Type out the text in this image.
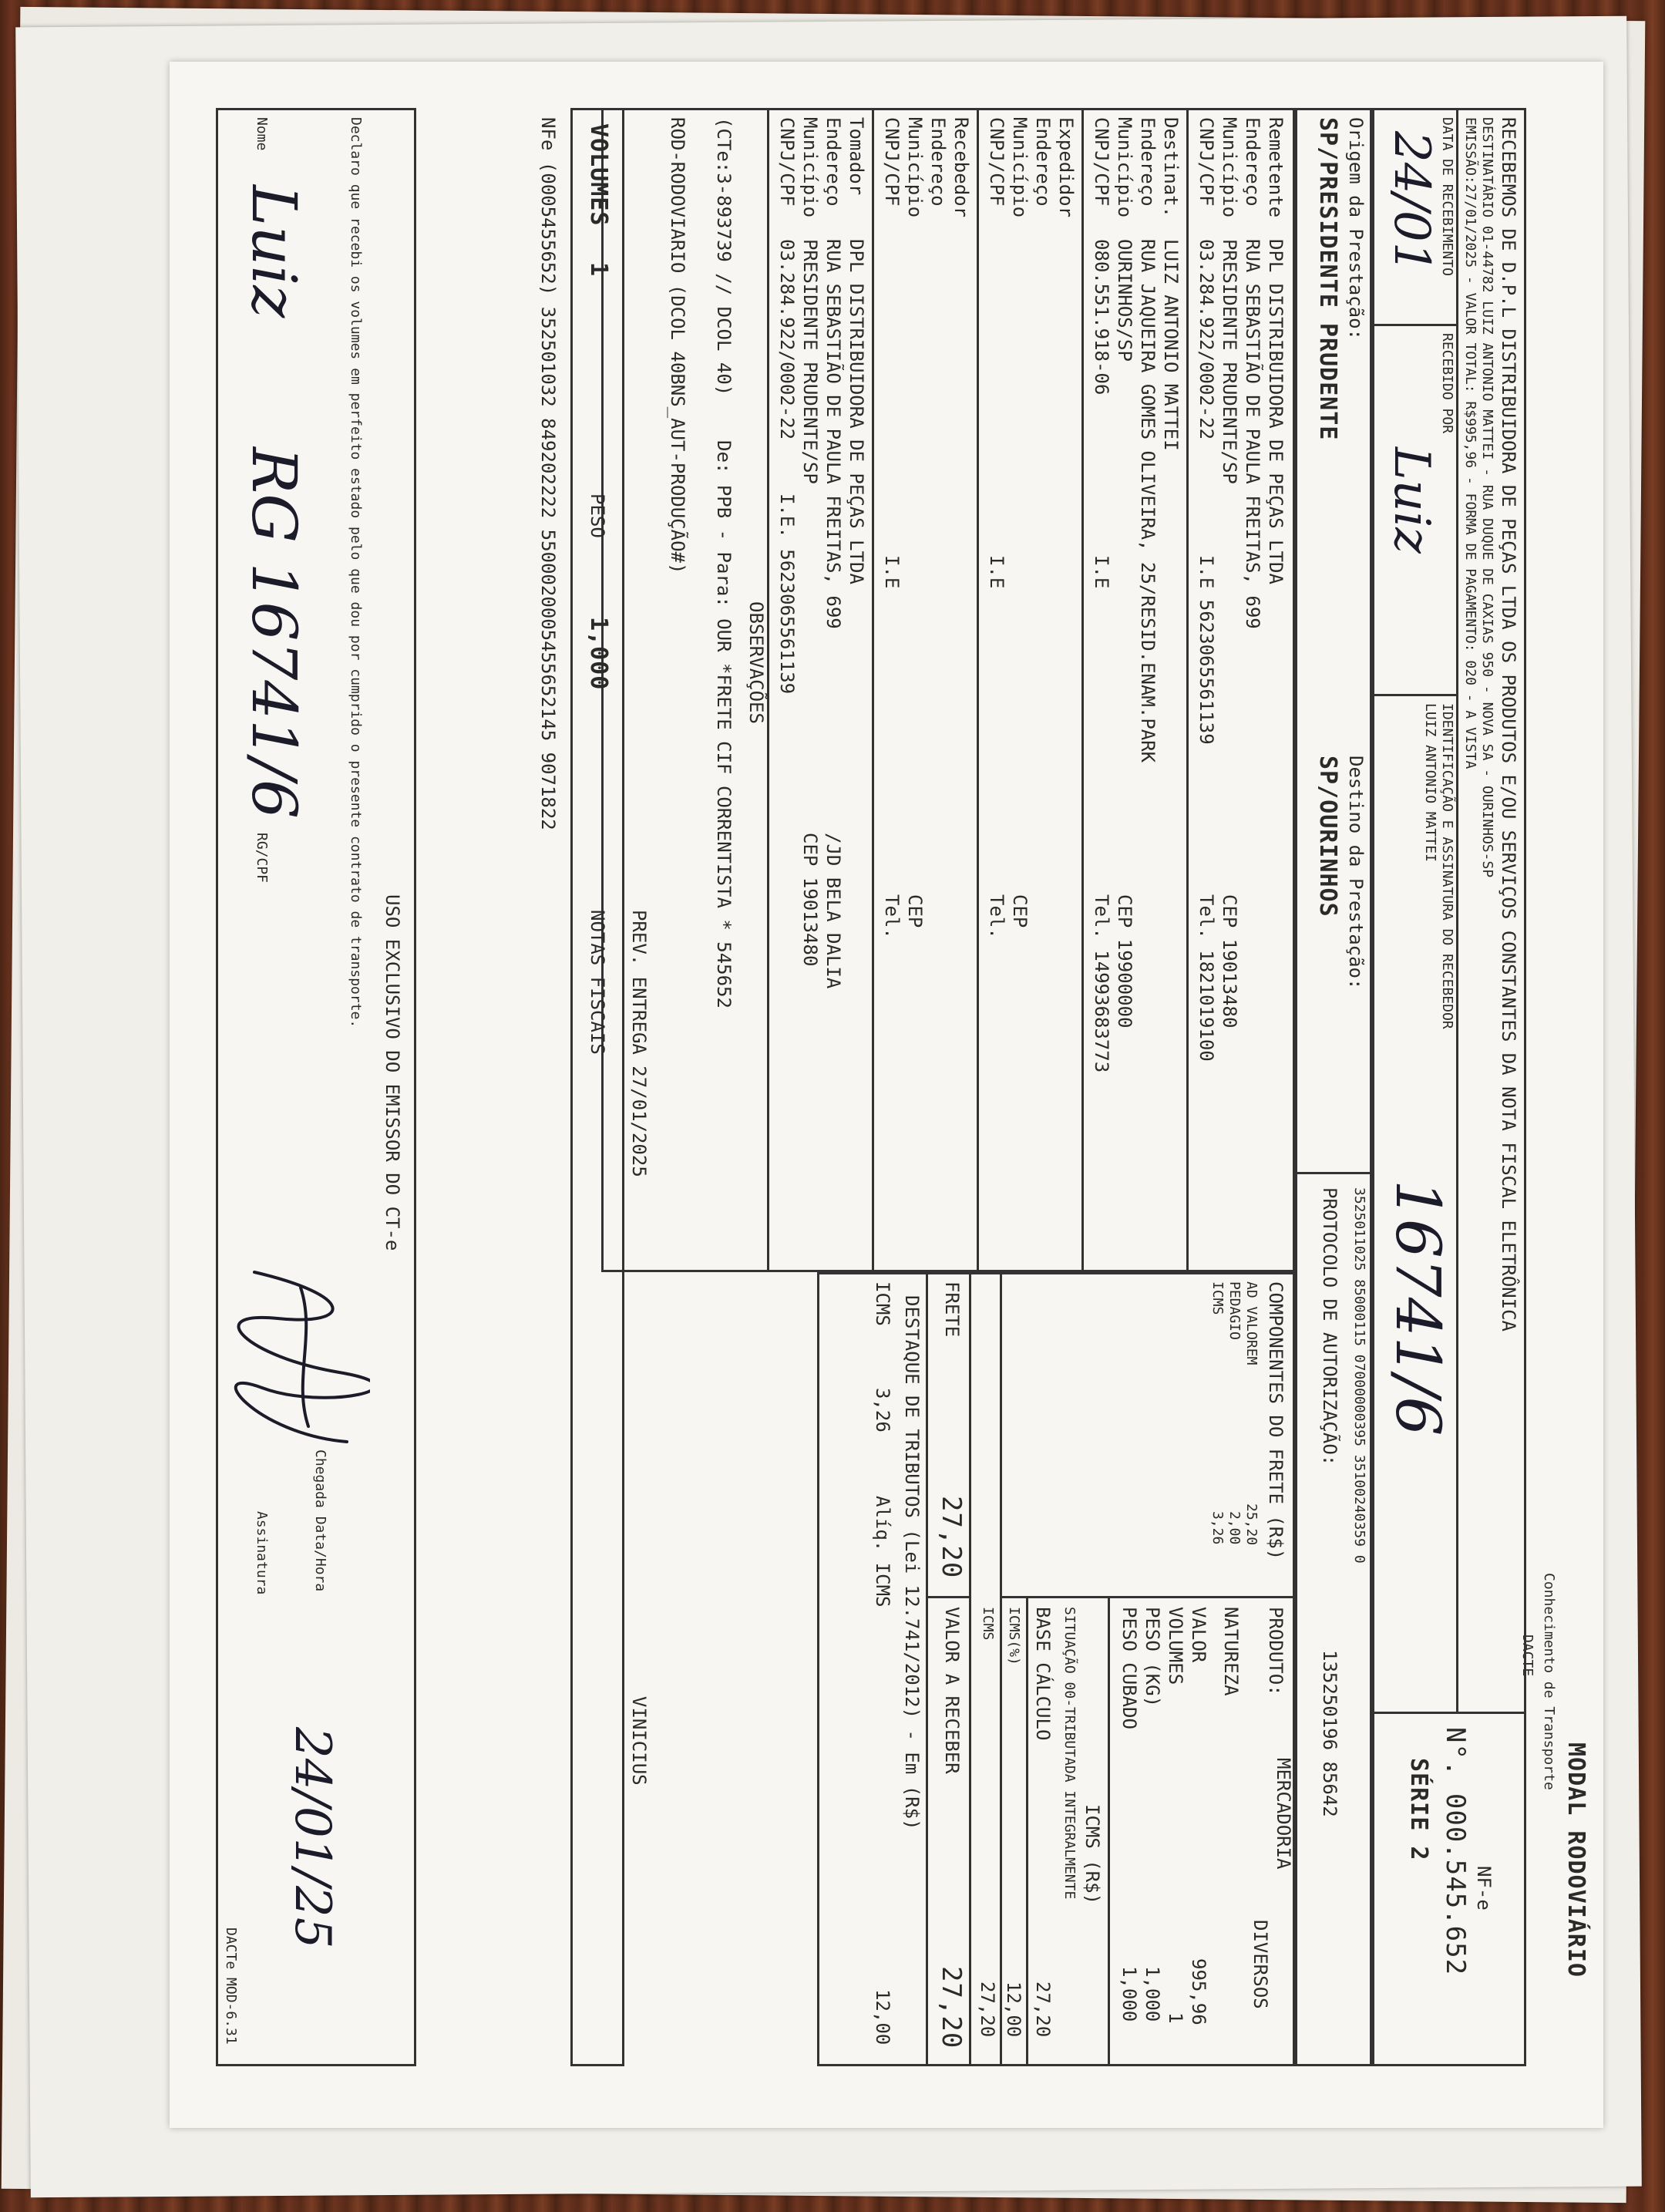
MODAL RODOVIÁRIO
Conhecimento de Transporte
DACTE
RECEBEMOS DE D.P.L DISTRIBUIDORA DE PEÇAS LTDA OS PRODUTOS E/OU SERVIÇOS CONSTANTES DA NOTA FISCAL ELETRÔNICA
DESTINATÁRIO 01-44782 LUIZ ANTONIO MATTEI - RUA DUQUE DE CAXIAS 950 - NOVA SA - OURINHOS-SP
EMISSÃO:27/01/2025 - VALOR TOTAL: R$995,96 - FORMA DE PAGAMENTO: 020 - A VISTA
DATA DE RECEBIMENTO
24/01
RECEBIDO POR
Luiz
IDENTIFICAÇÃO E ASSINATURA DO RECEBEDOR
LUIZ ANTONIO MATTEI
16741/6
NF-e
N°. 000.545.652
SÉRIE 2
Origem da Prestação:
SP/PRESIDENTE PRUDENTE
Destino da Prestação:
SP/OURINHOS
3525011025 85000115 07000000395 35100240359 0
PROTOCOLO DE AUTORIZAÇÃO:
135250196 85642
Remetente
DPL DISTRIBUIDORA DE PEÇAS LTDA
Endereço
RUA SEBASTIÃO DE PAULA FREITAS, 699
Município
PRESIDENTE PRUDENTE/SP
CEP 19013480
CNPJ/CPF
03.284.922/0002-22
I.E 5623065561139
Tel. 1821019100
Destinat.
LUIZ ANTONIO MATTEI
Endereço
RUA JAQUEIRA GOMES OLIVEIRA, 25/RESID.ENAM.PARK
Município
OURINHOS/SP
CEP 19900000
CNPJ/CPF
080.551.918-06
I.E
Tel. 14993683773
Expedidor
Endereço
Município
CEP
CNPJ/CPF
I.E
Tel.
Recebedor
Endereço
Município
CEP
CNPJ/CPF
I.E
Tel.
Tomador
DPL DISTRIBUIDORA DE PEÇAS LTDA
Endereço
RUA SEBASTIÃO DE PAULA FREITAS, 699
/JD BELA DALIA
Município
PRESIDENTE PRUDENTE/SP
CEP 19013480
CNPJ/CPF
03.284.922/0002-22
I.E. 5623065561139
OBSERVAÇÕES
COMPONENTES DO FRETE (R$)
AD VALOREM
25,20
PEDAGIO
2,00
ICMS
3,26
PRODUTO:
MERCADORIA
DIVERSOS
NATUREZA
VALOR
995,96
VOLUMES
1
PESO (KG)
1,000
PESO CUBADO
1,000
ICMS (R$)
SITUAÇÃO 00-TRIBUTADA INTEGRALMENTE
BASE CÁLCULO
27,20
ICMS(%)
12,00
ICMS
27,20
FRETE
27,20
VALOR A RECEBER
27,20
DESTAQUE DE TRIBUTOS (Lei 12.741/2012) - Em (R$)
ICMS
3,26
Alíq. ICMS
12,00
(CTe:3-893739 // DCOL 40)    De: PPB - Para: OUR *FRETE CIF CORRENTISTA * 545652
ROD-RODOVIARIO (DCOL 40BNS_AUT-PRODUÇÃO#)
PREV. ENTREGA 27/01/2025
VINICIUS
VOLUMES
1
PESO
1,000
NOTAS FISCAIS
NFe (0005455652) 352501032 849202222 5500020005455652145 9071822
USO EXCLUSIVO DO EMISSOR DO CT-e
Declaro que recebi os volumes em perfeito estado pelo que dou por cumprido o presente contrato de transporte.
Nome
Luiz
RG 16741/6
RG/CPF
Assinatura	Chegada Data/Hora
24/01/25
DACTe MOD-6.31
